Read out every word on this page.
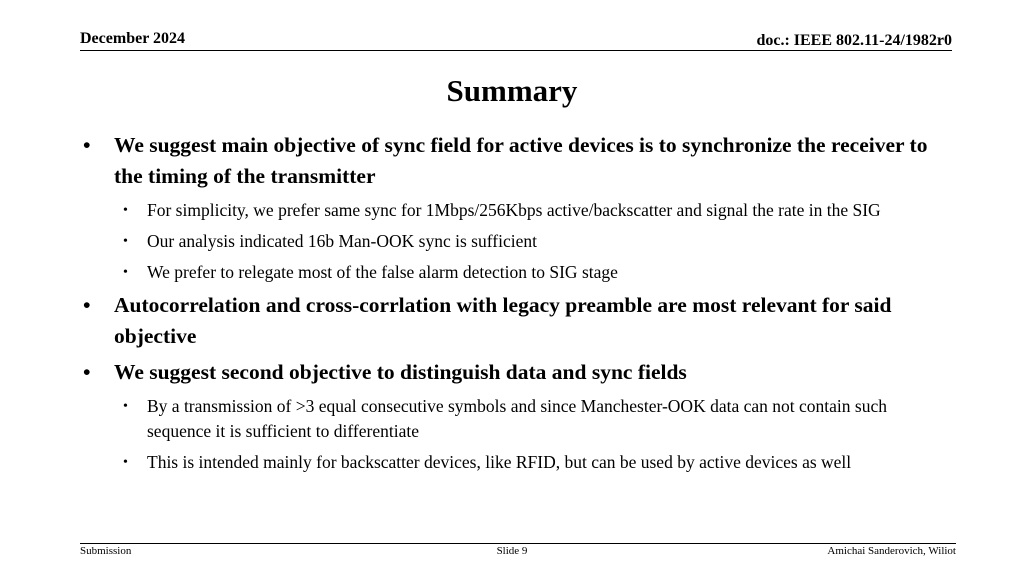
December 2024	doc.: IEEE 802.11-24/1982r0
Summary
• We suggest main objective of sync field for active devices is to synchronize the receiver to the timing of the transmitter
• For simplicity, we prefer same sync for 1Mbps/256Kbps active/backscatter and signal the rate in the SIG
• Our analysis indicated 16b Man-OOK sync is sufficient
• We prefer to relegate most of the false alarm detection to SIG stage
• Autocorrelation and cross-corrlation with legacy preamble are most relevant for said objective
• We suggest second objective to distinguish data and sync fields
• By a transmission of >3 equal consecutive symbols and since Manchester-OOK data can not contain such sequence it is sufficient to differentiate
• This is intended mainly for backscatter devices, like RFID, but can be used by active devices as well
Submission	Slide 9	Amichai Sanderovich, Wiliot
